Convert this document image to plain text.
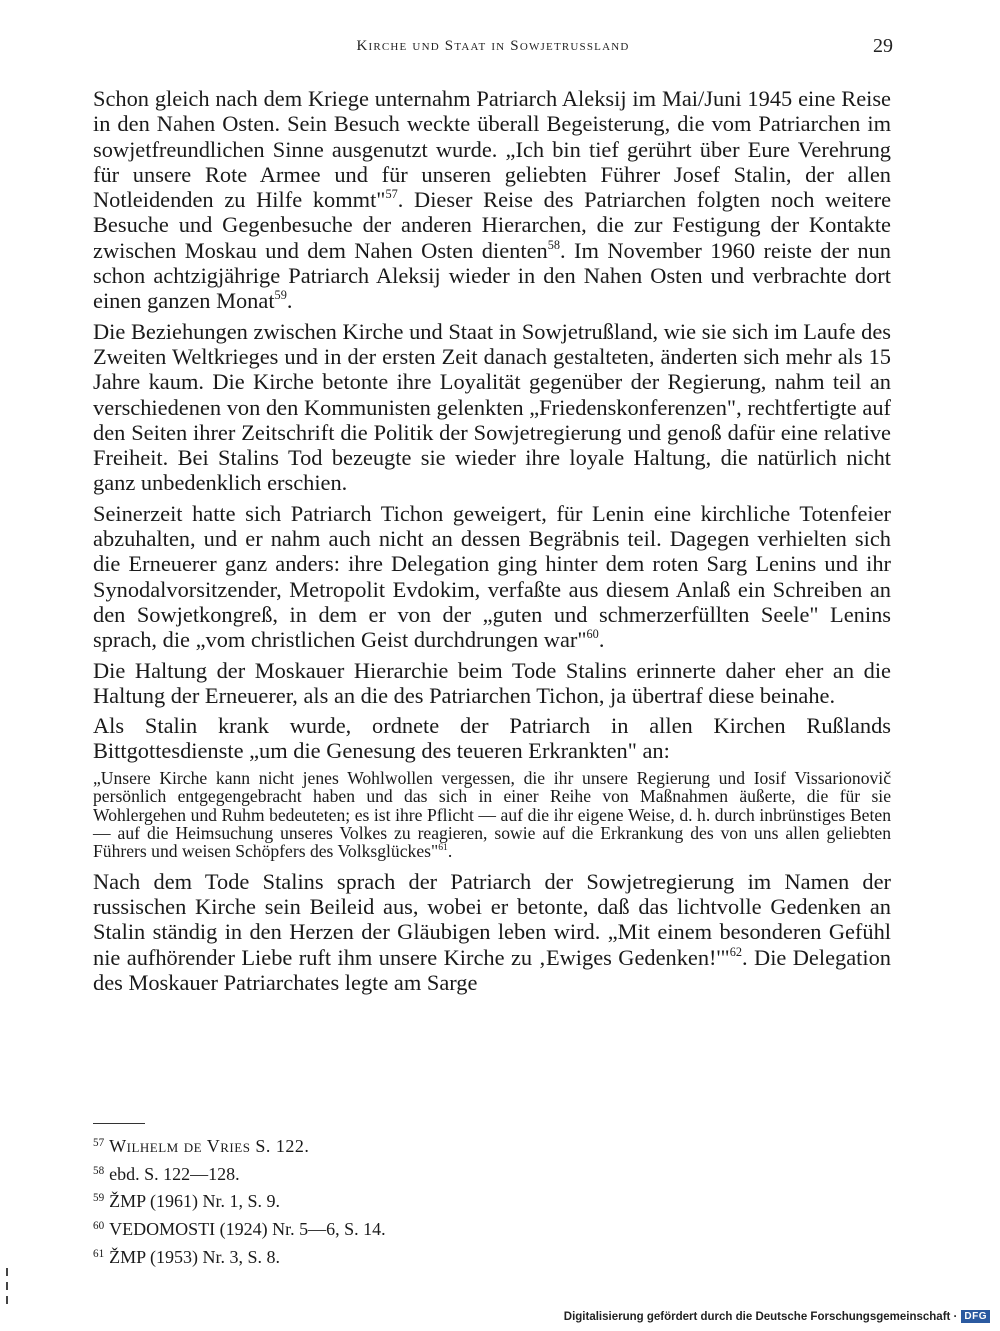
Kirche und Staat in Sowjetrussland	29

Schon gleich nach dem Kriege unternahm Patriarch Aleksij im Mai/Juni 1945 eine Reise in den Nahen Osten. Sein Besuch weckte überall Begeisterung, die vom Patriarchen im sowjetfreundlichen Sinne ausgenutzt wurde. „Ich bin tief gerührt über Eure Verehrung für unsere Rote Armee und für unseren geliebten Führer Josef Stalin, der allen Notleidenden zu Hilfe kommt"$^{57}$. Dieser Reise des Patriarchen folgten noch weitere Besuche und Gegenbesuche der anderen Hierarchen, die zur Festigung der Kontakte zwischen Moskau und dem Nahen Osten dienten$^{58}$. Im November 1960 reiste der nun schon achtzigjährige Patriarch Aleksij wieder in den Nahen Osten und verbrachte dort einen ganzen Monat$^{59}$.

Die Beziehungen zwischen Kirche und Staat in Sowjetrußland, wie sie sich im Laufe des Zweiten Weltkrieges und in der ersten Zeit danach gestalteten, änderten sich mehr als 15 Jahre kaum. Die Kirche betonte ihre Loyalität gegenüber der Regierung, nahm teil an verschiedenen von den Kommunisten gelenkten „Friedenskonferenzen", rechtfertigte auf den Seiten ihrer Zeitschrift die Politik der Sowjetregierung und genoß dafür eine relative Freiheit. Bei Stalins Tod bezeugte sie wieder ihre loyale Haltung, die natürlich nicht ganz unbedenklich erschien.

Seinerzeit hatte sich Patriarch Tichon geweigert, für Lenin eine kirchliche Totenfeier abzuhalten, und er nahm auch nicht an dessen Begräbnis teil. Dagegen verhielten sich die Erneuerer ganz anders: ihre Delegation ging hinter dem roten Sarg Lenins und ihr Synodalvorsitzender, Metropolit Evdokim, verfaßte aus diesem Anlaß ein Schreiben an den Sowjetkongreß, in dem er von der „guten und schmerzerfüllten Seele" Lenins sprach, die „vom christlichen Geist durchdrungen war"$^{60}$.

Die Haltung der Moskauer Hierarchie beim Tode Stalins erinnerte daher eher an die Haltung der Erneuerer, als an die des Patriarchen Tichon, ja übertraf diese beinahe.

Als Stalin krank wurde, ordnete der Patriarch in allen Kirchen Rußlands Bittgottesdienste „um die Genesung des teueren Erkrankten" an:

„Unsere Kirche kann nicht jenes Wohlwollen vergessen, die ihr unsere Regierung und Iosif Vissarionovič persönlich entgegengebracht haben und das sich in einer Reihe von Maßnahmen äußerte, die für sie Wohlergehen und Ruhm bedeuteten; es ist ihre Pflicht — auf die ihr eigene Weise, d. h. durch inbrünstiges Beten — auf die Heimsuchung unseres Volkes zu reagieren, sowie auf die Erkrankung des von uns allen geliebten Führers und weisen Schöpfers des Volksglückes"$^{61}$.

Nach dem Tode Stalins sprach der Patriarch der Sowjetregierung im Namen der russischen Kirche sein Beileid aus, wobei er betonte, daß das lichtvolle Gedenken an Stalin ständig in den Herzen der Gläubigen leben wird. „Mit einem besonderen Gefühl nie aufhörender Liebe ruft ihm unsere Kirche zu ‚Ewiges Gedenken!'"$^{62}$. Die Delegation des Moskauer Patriarchates legte am Sarge

$^{57}$ Wilhelm de Vries S. 122.
$^{58}$ ebd. S. 122—128.
$^{59}$ ŽMP (1961) Nr. 1, S. 9.
$^{60}$ VEDOMOSTI (1924) Nr. 5—6, S. 14.
$^{61}$ ŽMP (1953) Nr. 3, S. 8.
Digitalisierung gefördert durch die Deutsche Forschungsgemeinschaft · DFG
